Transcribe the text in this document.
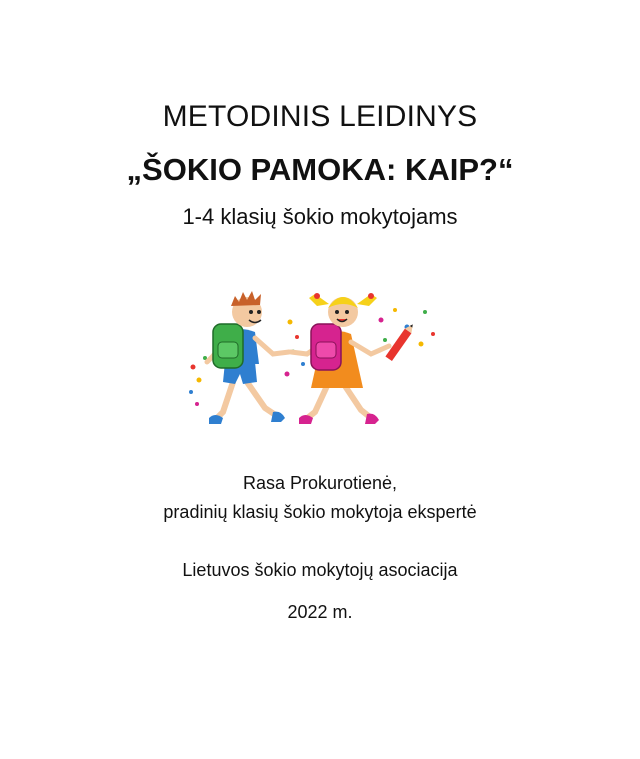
METODINIS LEIDINYS
„ŠOKIO PAMOKA: KAIP?“
1-4 klasių šokio mokytojams
Rasa Prokurotienė,
pradinių klasių šokio mokytoja ekspertė
Lietuvos šokio mokytojų asociacija
2022 m.
